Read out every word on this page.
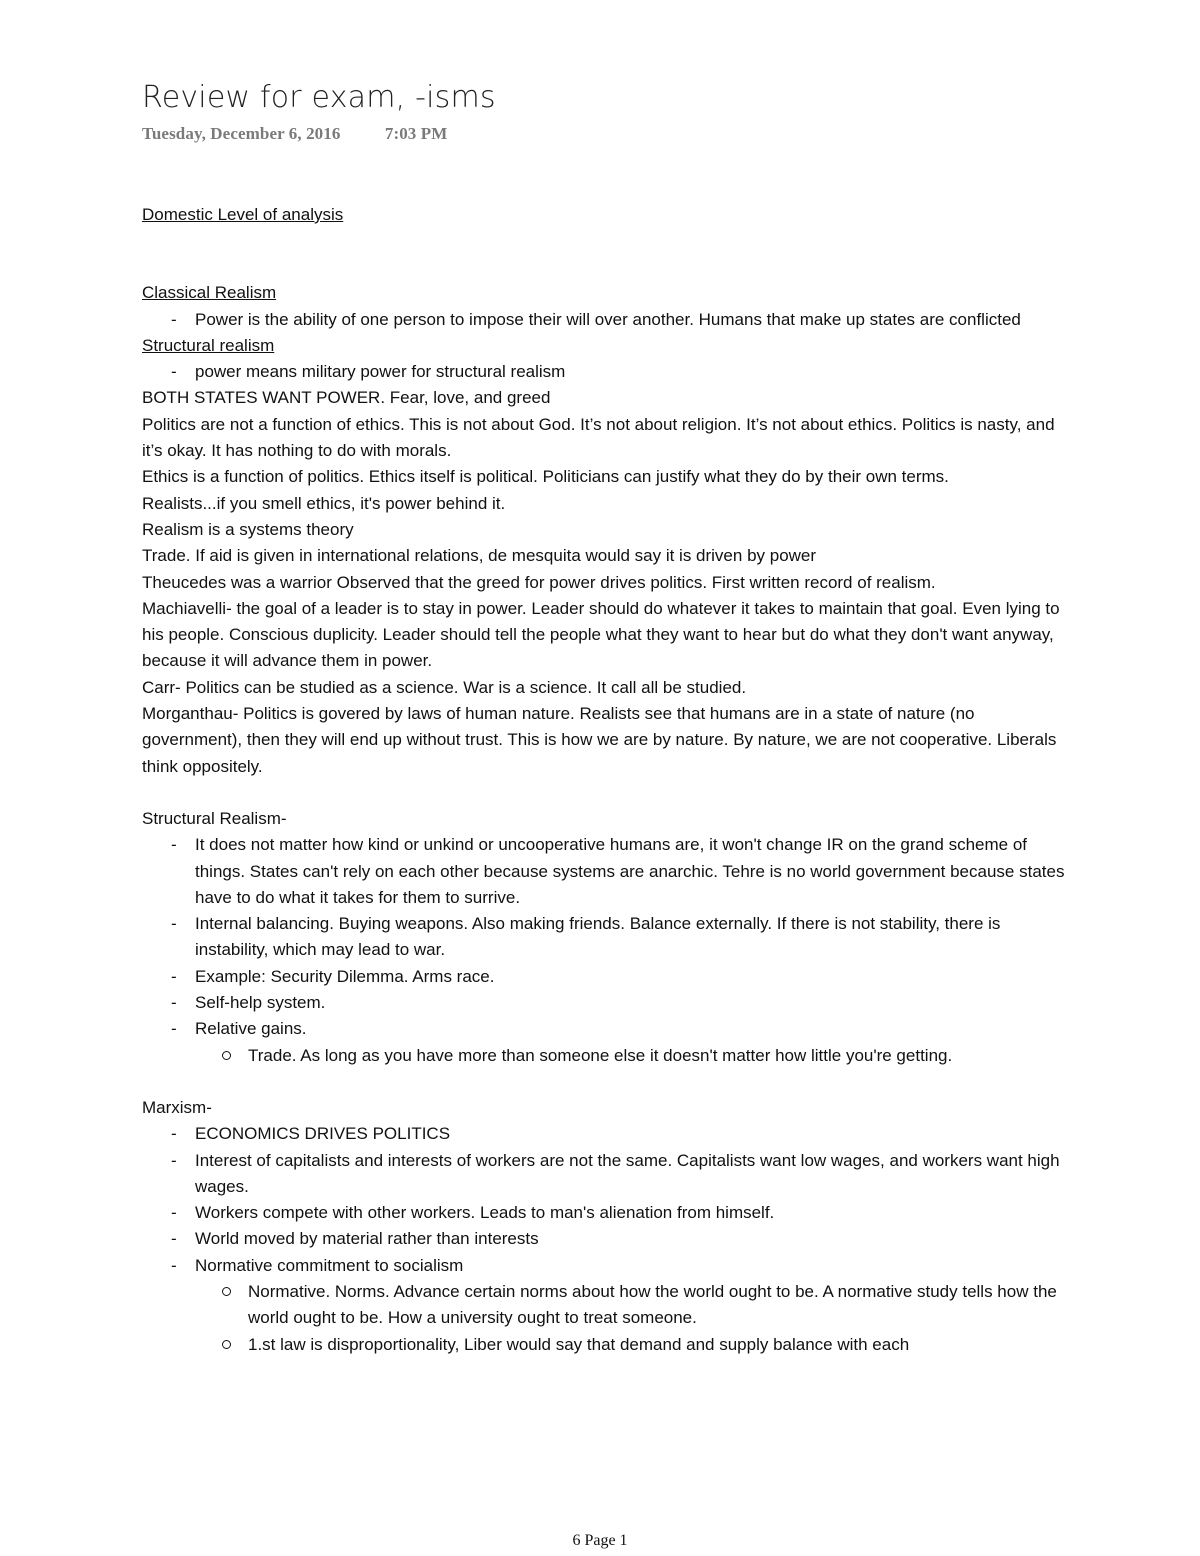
Review for exam, -isms
Tuesday, December 6, 2016	7:03 PM
Domestic Level of analysis
Classical Realism
- Power is the ability of one person to impose their will over another. Humans that make up states are conflicted
Structural realism
- power means military power for structural realism
BOTH STATES WANT POWER. Fear, love, and greed
Politics are not a function of ethics. This is not about God. It’s not about religion. It’s not about ethics. Politics is nasty, and it’s okay. It has nothing to do with morals.
Ethics is a function of politics. Ethics itself is political. Politicians can justify what they do by their own terms.
Realists...if you smell ethics, it's power behind it.
Realism is a systems theory
Trade. If aid is given in international relations, de mesquita would say it is driven by power
Theucedes was a warrior Observed that the greed for power drives politics. First written record of realism.
Machiavelli- the goal of a leader is to stay in power. Leader should do whatever it takes to maintain that goal. Even lying to his people. Conscious duplicity. Leader should tell the people what they want to hear but do what they don't want anyway, because it will advance them in power.
Carr- Politics can be studied as a science. War is a science. It call all be studied.
Morganthau- Politics is govered by laws of human nature. Realists see that humans are in a state of nature (no government), then they will end up without trust. This is how we are by nature. By nature, we are not cooperative. Liberals think oppositely.
Structural Realism-
- It does not matter how kind or unkind or uncooperative humans are, it won't change IR on the grand scheme of things. States can't rely on each other because systems are anarchic. Tehre is no world government because states have to do what it takes for them to surrive.
- Internal balancing. Buying weapons. Also making friends. Balance externally. If there is not stability, there is instability, which may lead to war.
- Example: Security Dilemma. Arms race.
- Self-help system.
- Relative gains.
Trade. As long as you have more than someone else it doesn't matter how little you're getting.
Marxism-
- ECONOMICS DRIVES POLITICS
- Interest of capitalists and interests of workers are not the same. Capitalists want low wages, and workers want high wages.
- Workers compete with other workers. Leads to man's alienation from himself.
- World moved by material rather than interests
- Normative commitment to socialism
Normative. Norms. Advance certain norms about how the world ought to be. A normative study tells how the world ought to be. How a university ought to treat someone.
1.st law is disproportionality, Liber would say that demand and supply balance with each
6 Page 1
